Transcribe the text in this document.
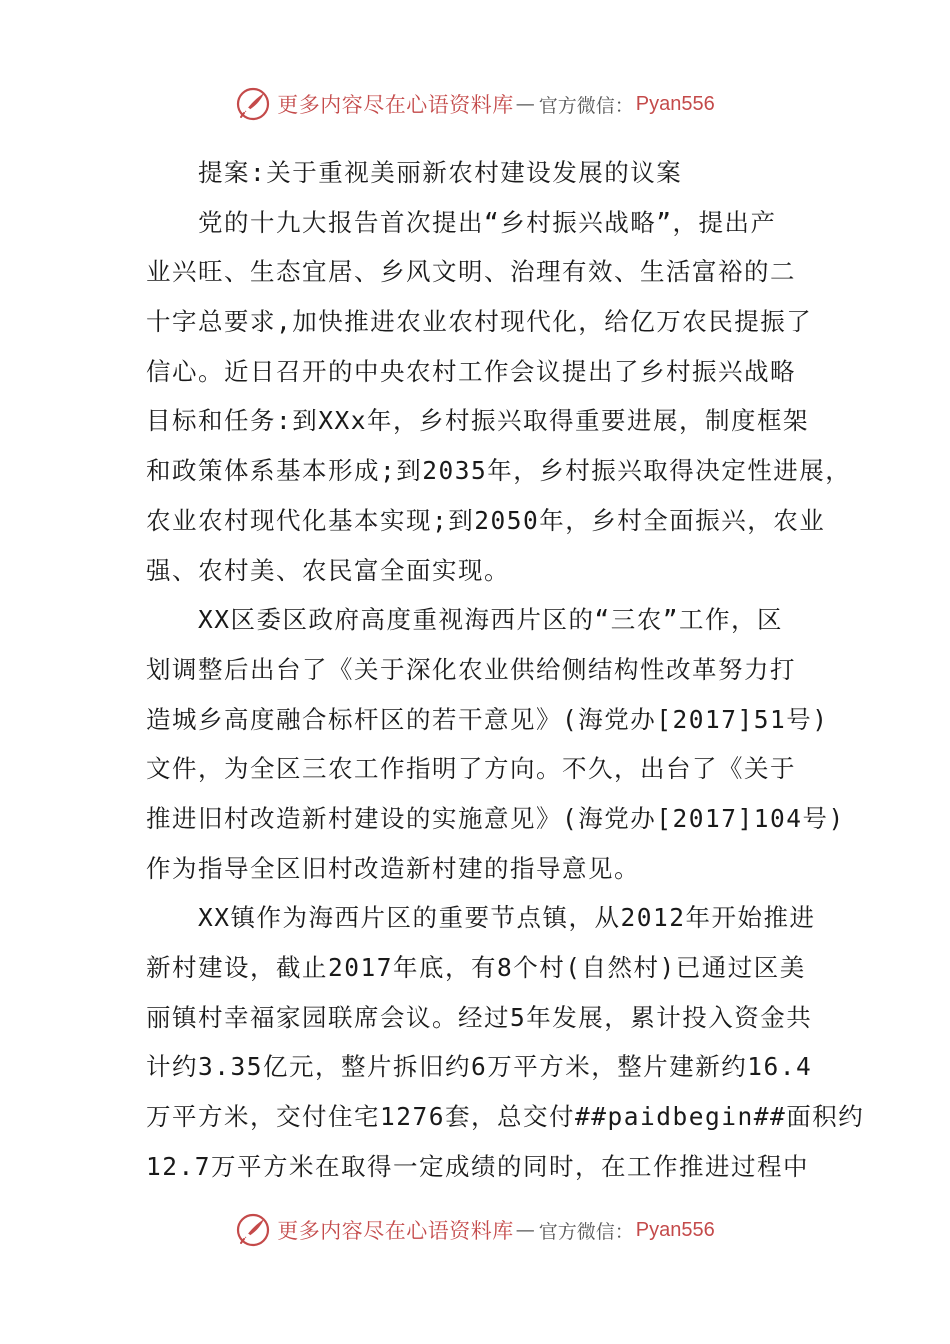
更多内容尽在心语资料库 — 官方微信： Pyan556
提案:关于重视美丽新农村建设发展的议案
党的十九大报告首次提出“乡村振兴战略”，提出产
业兴旺、生态宜居、乡风文明、治理有效、生活富裕的二
十字总要求,加快推进农业农村现代化，给亿万农民提振了
信心。近日召开的中央农村工作会议提出了乡村振兴战略
目标和任务:到XXx年，乡村振兴取得重要进展，制度框架
和政策体系基本形成;到2035年，乡村振兴取得决定性进展，
农业农村现代化基本实现;到2050年，乡村全面振兴，农业
强、农村美、农民富全面实现。
XX区委区政府高度重视海西片区的“三农”工作，区
划调整后出台了《关于深化农业供给侧结构性改革努力打
造城乡高度融合标杆区的若干意见》(海党办[2017]51号)
文件，为全区三农工作指明了方向。不久，出台了《关于
推进旧村改造新村建设的实施意见》(海党办[2017]104号)
作为指导全区旧村改造新村建的指导意见。
XX镇作为海西片区的重要节点镇，从2012年开始推进
新村建设，截止2017年底，有8个村(自然村)已通过区美
丽镇村幸福家园联席会议。经过5年发展，累计投入资金共
计约3.35亿元，整片拆旧约6万平方米，整片建新约16.4
万平方米，交付住宅1276套，总交付##paidbegin##面积约
12.7万平方米在取得一定成绩的同时，在工作推进过程中
更多内容尽在心语资料库 — 官方微信： Pyan556
